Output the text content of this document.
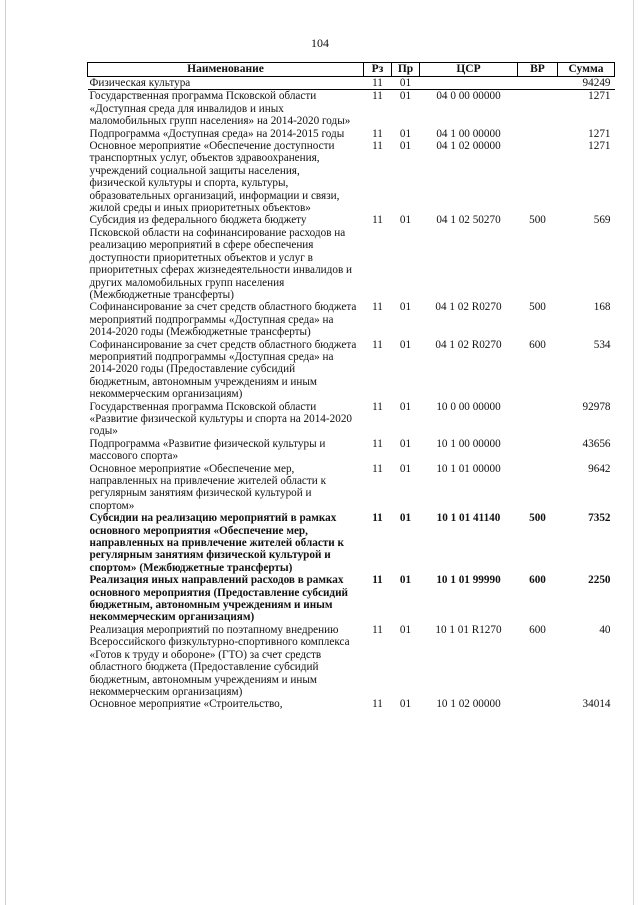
104
Наименование	Рз	Пр	ЦСР	ВР	Сумма
Физическая культура	11	01			94249
Государственная программа Псковской области «Доступная среда для инвалидов и иных маломобильных групп населения» на 2014-2020 годы»	11	01	04 0 00 00000		1271
Подпрограмма «Доступная среда» на 2014-2015 годы	11	01	04 1 00 00000		1271
Основное мероприятие «Обеспечение доступности транспортных услуг, объектов здравоохранения, учреждений социальной защиты населения, физической культуры и спорта, культуры, образовательных организаций, информации и связи, жилой среды и иных приоритетных объектов»	11	01	04 1 02 00000		1271
Субсидия из федерального бюджета бюджету Псковской области на софинансирование расходов на реализацию мероприятий в сфере обеспечения доступности приоритетных объектов и услуг в приоритетных сферах жизнедеятельности инвалидов и других маломобильных групп населения (Межбюджетные трансферты)	11	01	04 1 02 50270	500	569
Софинансирование за счет средств областного бюджета мероприятий подпрограммы «Доступная среда» на 2014-2020 годы (Межбюджетные трансферты)	11	01	04 1 02 R0270	500	168
Софинансирование за счет средств областного бюджета мероприятий подпрограммы «Доступная среда» на 2014-2020 годы (Предоставление субсидий бюджетным, автономным учреждениям и иным некоммерческим организациям)	11	01	04 1 02 R0270	600	534
Государственная программа Псковской области «Развитие физической культуры и спорта на 2014-2020 годы»	11	01	10 0 00 00000		92978
Подпрограмма «Развитие физической культуры и массового спорта»	11	01	10 1 00 00000		43656
Основное мероприятие «Обеспечение мер, направленных на привлечение жителей области к регулярным занятиям физической культурой и спортом»	11	01	10 1 01 00000		9642
Субсидии на реализацию мероприятий в рамках основного мероприятия «Обеспечение мер, направленных на привлечение жителей области к регулярным занятиям физической культурой и спортом» (Межбюджетные трансферты)	11	01	10 1 01 41140	500	7352
Реализация иных направлений расходов в рамках основного мероприятия (Предоставление субсидий бюджетным, автономным учреждениям и иным некоммерческим организациям)	11	01	10 1 01 99990	600	2250
Реализация мероприятий по поэтапному внедрению Всероссийского физкультурно-спортивного комплекса «Готов к труду и обороне» (ГТО) за счет средств областного бюджета (Предоставление субсидий бюджетным, автономным учреждениям и иным некоммерческим организациям)	11	01	10 1 01 R1270	600	40
Основное мероприятие «Строительство,	11	01	10 1 02 00000		34014
